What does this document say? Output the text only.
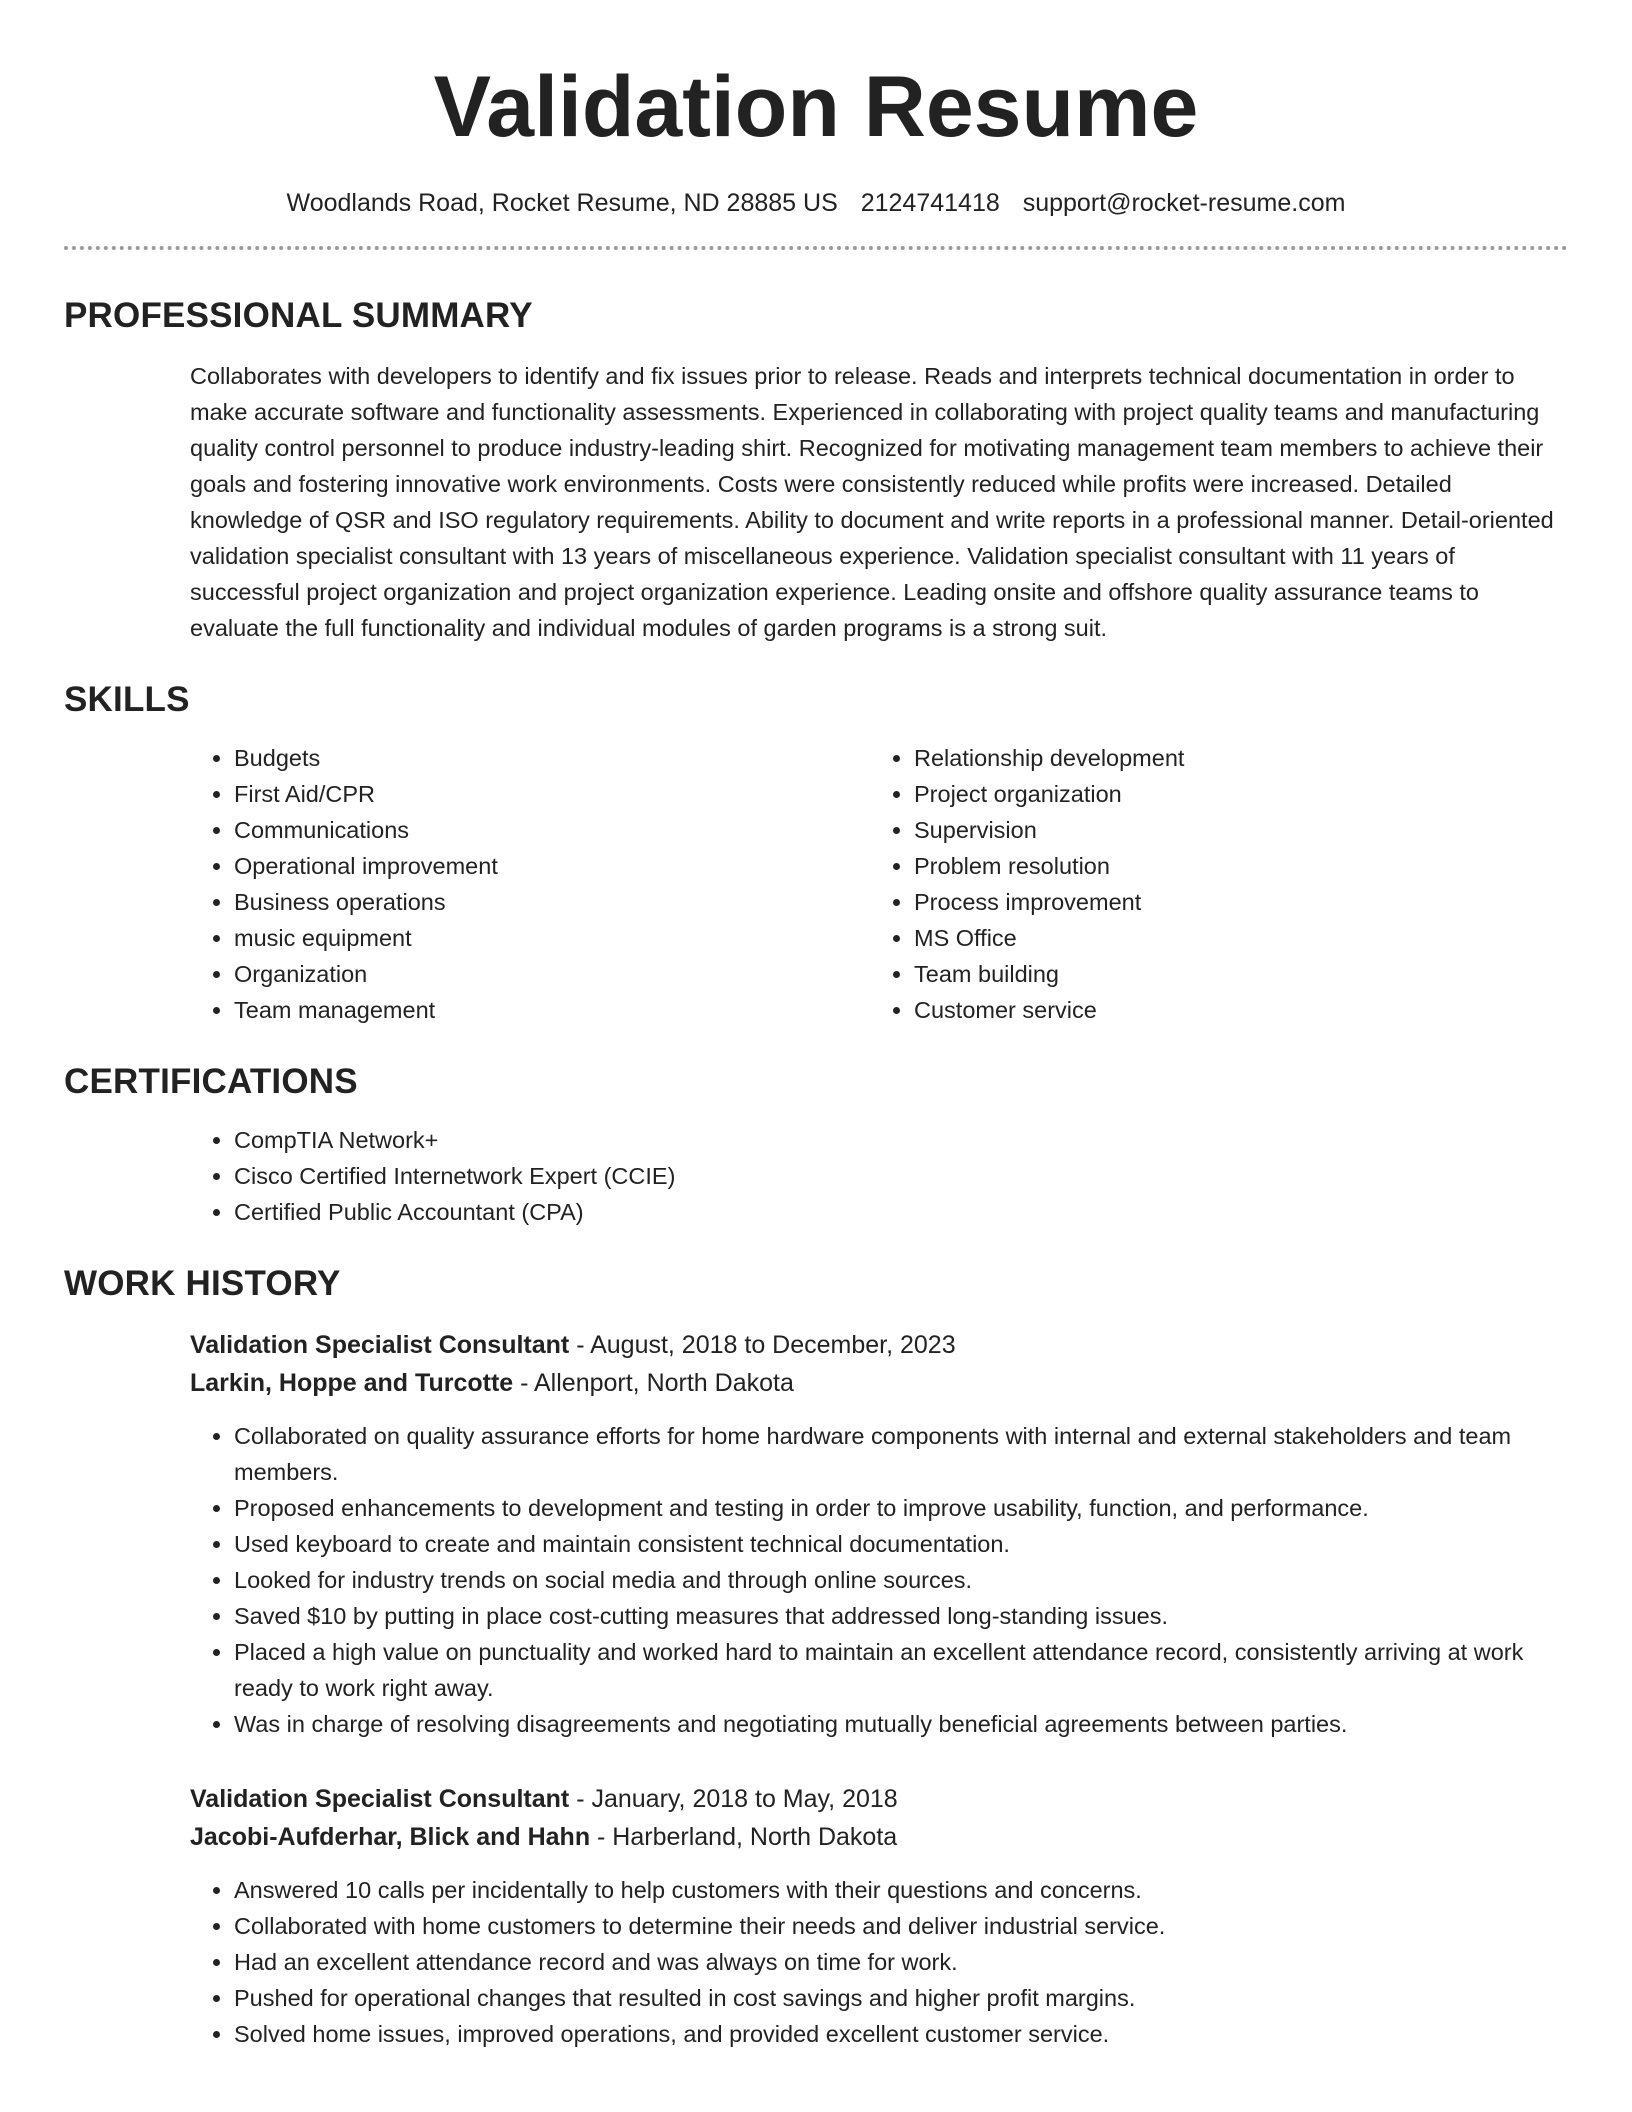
Validation Resume
Woodlands Road, Rocket Resume, ND 28885 US 2124741418 support@rocket-resume.com
PROFESSIONAL SUMMARY

Collaborates with developers to identify and fix issues prior to release. Reads and interprets technical documentation in order to make accurate software and functionality assessments. Experienced in collaborating with project quality teams and manufacturing quality control personnel to produce industry-leading shirt. Recognized for motivating management team members to achieve their goals and fostering innovative work environments. Costs were consistently reduced while profits were increased. Detailed knowledge of QSR and ISO regulatory requirements. Ability to document and write reports in a professional manner. Detail-oriented validation specialist consultant with 13 years of miscellaneous experience. Validation specialist consultant with 11 years of successful project organization and project organization experience. Leading onsite and offshore quality assurance teams to evaluate the full functionality and individual modules of garden programs is a strong suit.

SKILLS
• Budgets
• First Aid/CPR
• Communications
• Operational improvement
• Business operations
• music equipment
• Organization
• Team management
• Relationship development
• Project organization
• Supervision
• Problem resolution
• Process improvement
• MS Office
• Team building
• Customer service
CERTIFICATIONS
• CompTIA Network+
• Cisco Certified Internetwork Expert (CCIE)
• Certified Public Accountant (CPA)
WORK HISTORY
Validation Specialist Consultant - August, 2018 to December, 2023
Larkin, Hoppe and Turcotte - Allenport, North Dakota
• Collaborated on quality assurance efforts for home hardware components with internal and external stakeholders and team members.
• Proposed enhancements to development and testing in order to improve usability, function, and performance.
• Used keyboard to create and maintain consistent technical documentation.
• Looked for industry trends on social media and through online sources.
• Saved $10 by putting in place cost-cutting measures that addressed long-standing issues.
• Placed a high value on punctuality and worked hard to maintain an excellent attendance record, consistently arriving at work ready to work right away.
• Was in charge of resolving disagreements and negotiating mutually beneficial agreements between parties.
Validation Specialist Consultant - January, 2018 to May, 2018
Jacobi-Aufderhar, Blick and Hahn - Harberland, North Dakota
• Answered 10 calls per incidentally to help customers with their questions and concerns.
• Collaborated with home customers to determine their needs and deliver industrial service.
• Had an excellent attendance record and was always on time for work.
• Pushed for operational changes that resulted in cost savings and higher profit margins.
• Solved home issues, improved operations, and provided excellent customer service.
